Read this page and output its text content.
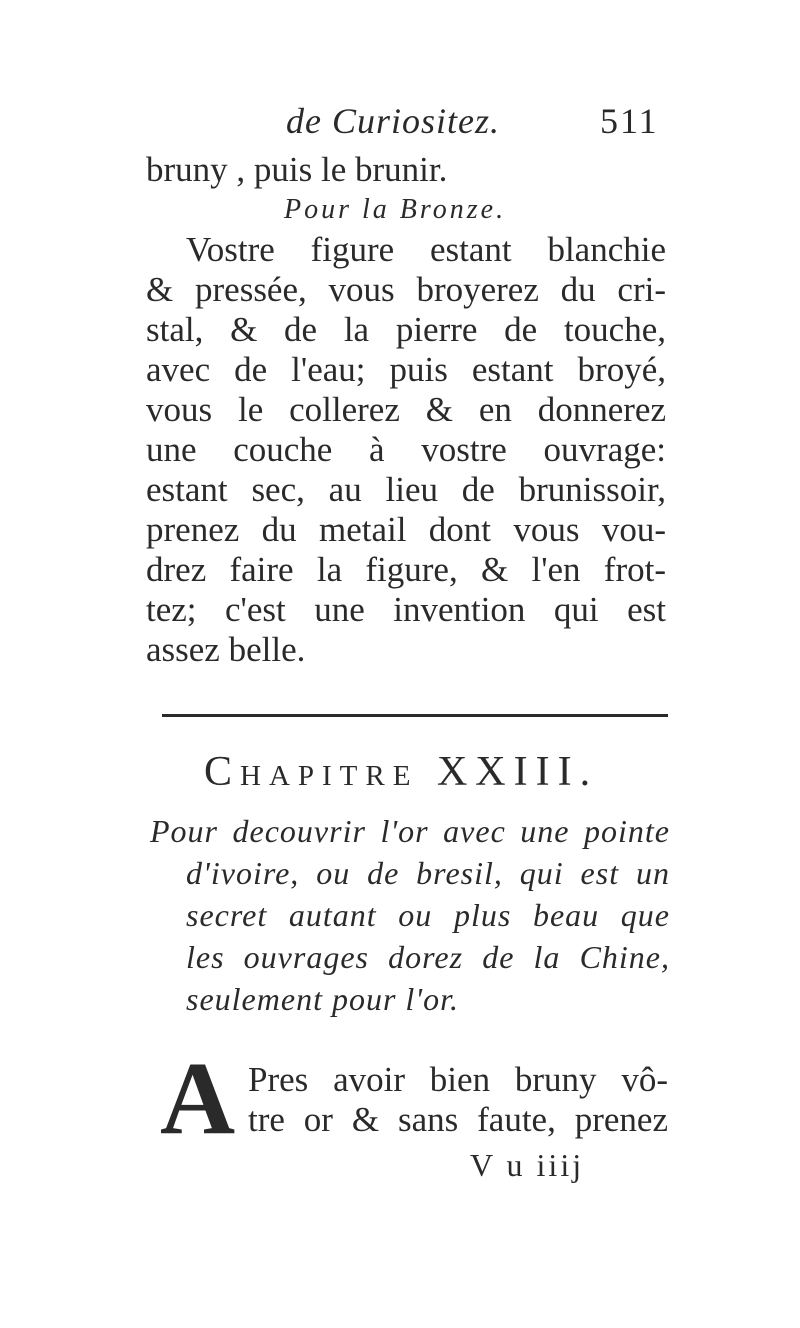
de Curiositez.	511
bruny , puis le brunir.
Pour la Bronze.
Vostre figure estant blanchie
& pressée, vous broyerez du cri-
stal, & de la pierre de touche,
avec de l'eau; puis estant broyé,
vous le collerez & en donnerez
une couche à vostre ouvrage:
estant sec, au lieu de brunissoir,
prenez du metail dont vous vou-
drez faire la figure, & l'en frot-
tez; c'est une invention qui est
assez belle.
Chapitre XXIII.
Pour decouvrir l'or avec une pointe
d'ivoire, ou de bresil, qui est un
secret autant ou plus beau que
les ouvrages dorez de la Chine,
seulement pour l'or.
A Pres avoir bien bruny vô-
tre or & sans faute, prenez
V u iiij
